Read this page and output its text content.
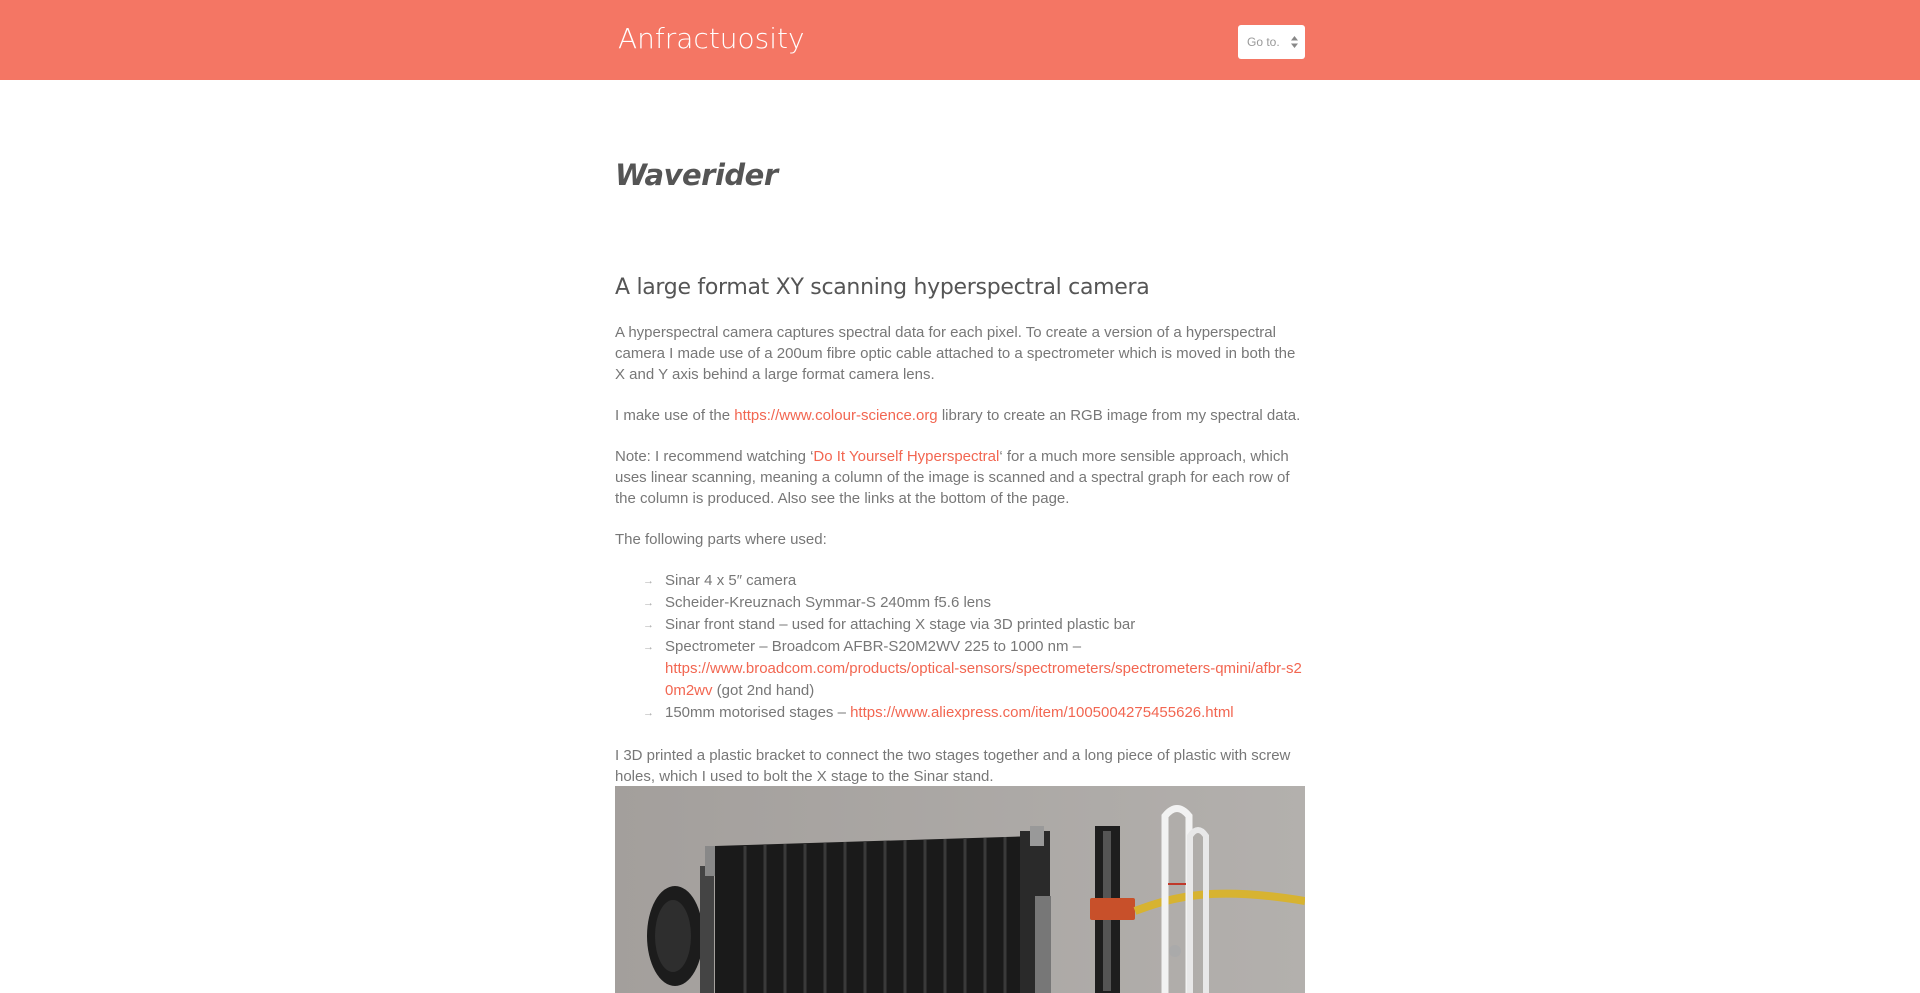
Anfractuosity	Go to.
Waverider
A large format XY scanning hyperspectral camera

A hyperspectral camera captures spectral data for each pixel. To create a version of a hyperspectral camera I made use of a 200um fibre optic cable attached to a spectrometer which is moved in both the X and Y axis behind a large format camera lens.

I make use of the https://www.colour-science.org library to create an RGB image from my spectral data.

Note: I recommend watching ‘Do It Yourself Hyperspectral‘ for a much more sensible approach, which uses linear scanning, meaning a column of the image is scanned and a spectral graph for each row of the column is produced. Also see the links at the bottom of the page.

The following parts where used:

→ Sinar 4 x 5″ camera
→ Scheider-Kreuznach Symmar-S 240mm f5.6 lens
→ Sinar front stand – used for attaching X stage via 3D printed plastic bar
→ Spectrometer – Broadcom AFBR-S20M2WV 225 to 1000 nm –
https://www.broadcom.com/products/optical-sensors/spectrometers/spectrometers-qmini/afbr-s20m2wv (got 2nd hand)
→ 150mm motorised stages – https://www.aliexpress.com/item/1005004275455626.html

I 3D printed a plastic bracket to connect the two stages together and a long piece of plastic with screw holes, which I used to bolt the X stage to the Sinar stand.
